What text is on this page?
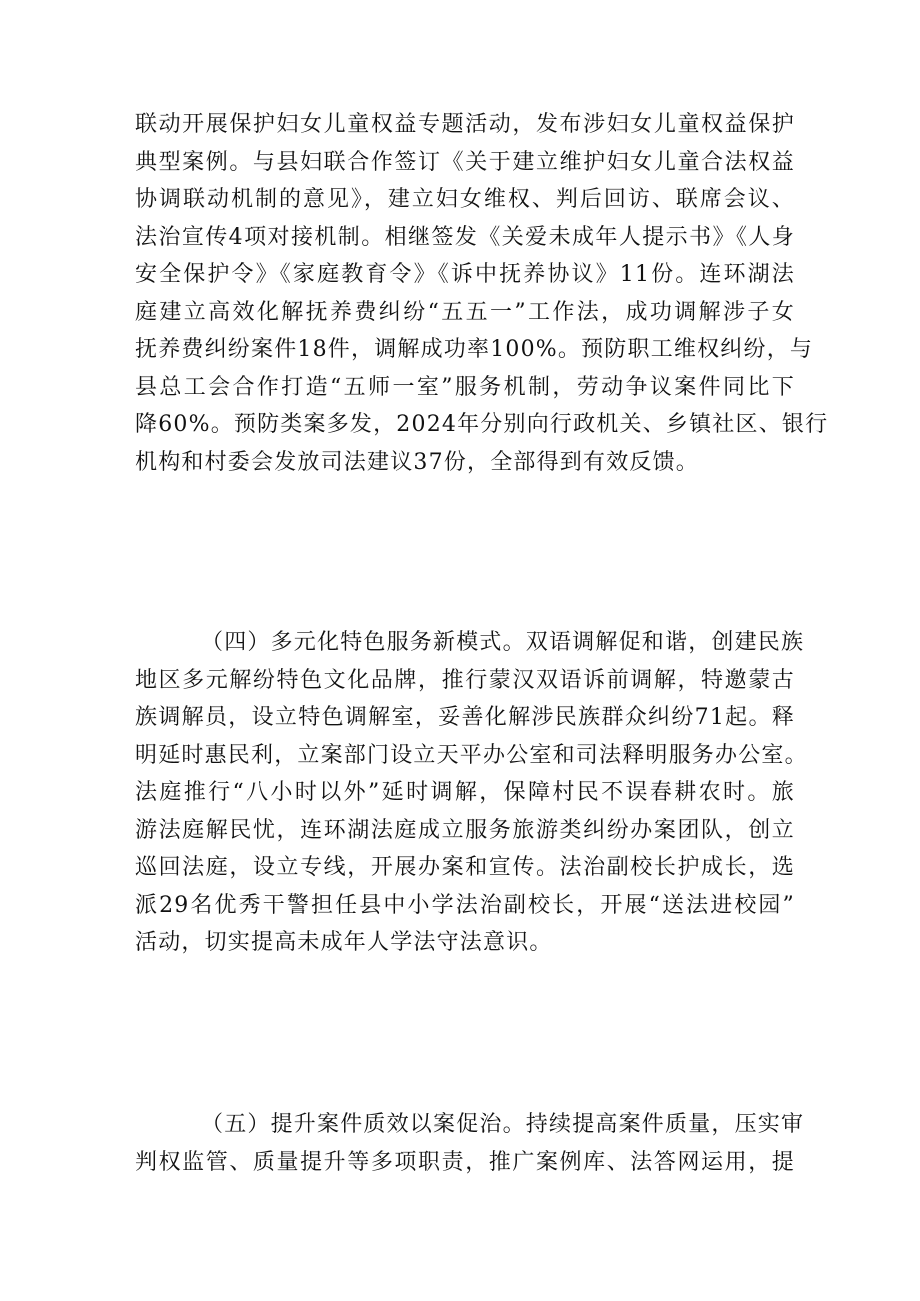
联动开展保护妇女儿童权益专题活动，发布涉妇女儿童权益保护
典型案例。与县妇联合作签订《关于建立维护妇女儿童合法权益
协调联动机制的意见》，建立妇女维权、判后回访、联席会议、
法治宣传4项对接机制。相继签发《关爱未成年人提示书》《人身
安全保护令》《家庭教育令》《诉中抚养协议》11份。连环湖法
庭建立高效化解抚养费纠纷“五五一”工作法，成功调解涉子女
抚养费纠纷案件18件，调解成功率100%。预防职工维权纠纷，与
县总工会合作打造“五师一室”服务机制，劳动争议案件同比下
降60%。预防类案多发，2024年分别向行政机关、乡镇社区、银行
机构和村委会发放司法建议37份，全部得到有效反馈。
（四）多元化特色服务新模式。双语调解促和谐，创建民族
地区多元解纷特色文化品牌，推行蒙汉双语诉前调解，特邀蒙古
族调解员，设立特色调解室，妥善化解涉民族群众纠纷71起。释
明延时惠民利，立案部门设立天平办公室和司法释明服务办公室。
法庭推行“八小时以外”延时调解，保障村民不误春耕农时。旅
游法庭解民忧，连环湖法庭成立服务旅游类纠纷办案团队，创立
巡回法庭，设立专线，开展办案和宣传。法治副校长护成长，选
派29名优秀干警担任县中小学法治副校长，开展“送法进校园”
活动，切实提高未成年人学法守法意识。
（五）提升案件质效以案促治。持续提高案件质量，压实审
判权监管、质量提升等多项职责，推广案例库、法答网运用，提
